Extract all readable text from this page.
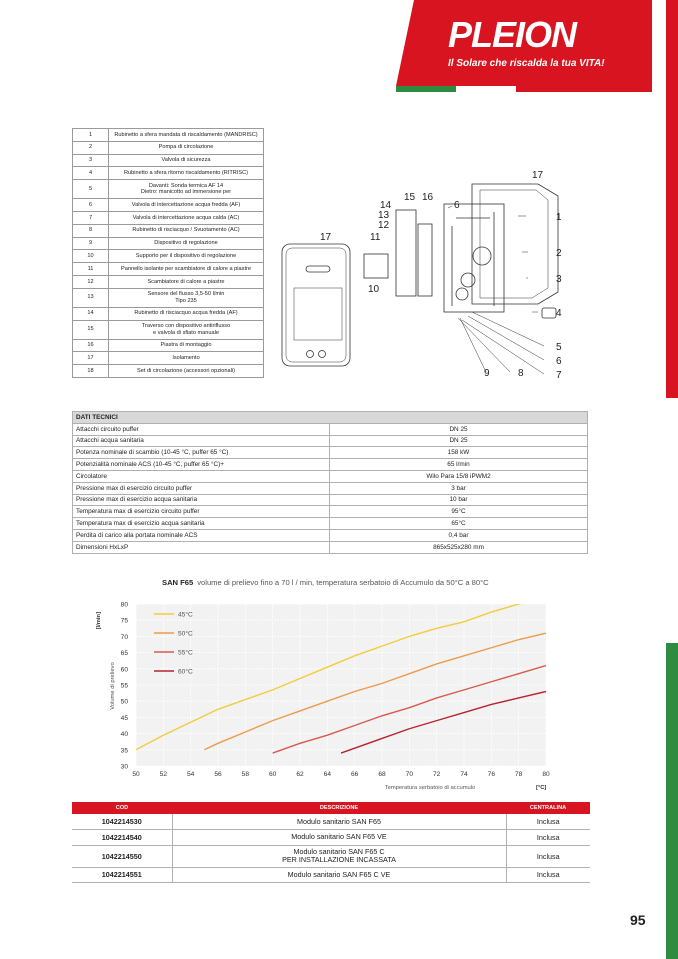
PLEION
Il Solare che riscalda la tua VITA!
1	Rubinetto a sfera mandata di riscaldamento (MANDRISC)

2	Pompa di circolazione

3	Valvola di sicurezza

4	Rubinetto a sfera ritorno riscaldamento (RITRISC)

5	Davanti: Sonda termica AF 14
Dietro: manicotto ad immersione per

6	Valvola di intercettazione acqua fredda (AF)

7	Valvola di intercettazione acqua calda (AC)

8	Rubinetto di risciacquo / Svuotamento (AC)

9	Dispositivo di regolazione

10	Supporto per il dispositivo di regolazione

11	Pannello isolante per scambiatore di calore a piastre

12	Scambiatore di calore a piastre

13	Sensore del flusso 3,5-50 l/min
Tipo 235

14	Rubinetto di risciacquo acqua fredda (AF)

15	Traverso con dispositivo antiriflusso
e valvola di sfiato manuale

16	Piastra di montaggio

17	Isolamento

18	Set di circolazione (accessori opzionali)
17
1
2
3
4
5
6
7
8
9
10
11
12
13
14
15 16
6
17
DATI TECNICI	
Attacchi circuito puffer	DN 25
Attacchi acqua sanitaria	DN 25
Potenza nominale di scambio (10-45 °C, puffer 65 °C)	158 kW
Potenzialità nominale ACS (10-45 °C, puffer 65 °C)+	65 l/min
Circolatore	Wilo Para 15/8 iPWM2
Pressione max di esercizio circuito puffer	3 bar
Pressione max di esercizio acqua sanitaria	10 bar
Temperatura max di esercizio circuito puffer	95°C
Temperatura max di esercizio acqua sanitaria	65°C
Perdita di carico alla portata nominale ACS	0,4 bar
Dimensioni HxLxP	865x525x280 mm
SAN F65 volume di prelievo fino a 70 l / min, temperatura serbatoio di Accumulo da 50°C a 80°C
30
35
40
45
50
55
60
65
70
75
80
50	52	54	56	58	60	62	64	66	68	70	72	74	76	78	80
45°C
50°C
55°C
60°C
[l/min]
Volume di prelievo
Temperatura serbatoio di accumulo	[°C]
COD	DESCRIZIONE	CENTRALINA
1042214530	Modulo sanitario SAN F65	Inclusa
1042214540	Modulo sanitario SAN F65 VE	Inclusa
1042214550	Modulo sanitario SAN F65 C
PER INSTALLAZIONE INCASSATA	Inclusa
1042214551	Modulo sanitario SAN F65 C VE	Inclusa
95
